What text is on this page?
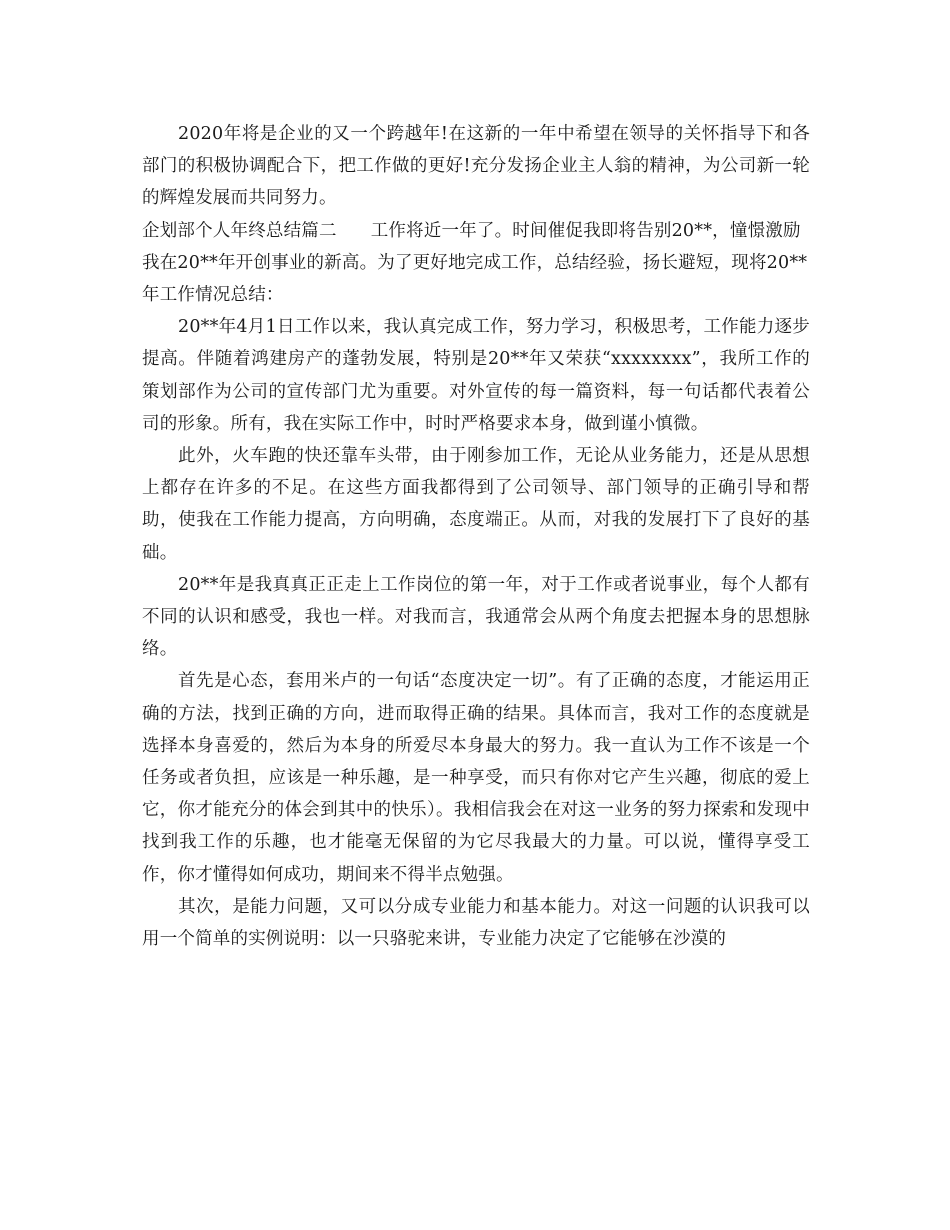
2020年将是企业的又一个跨越年!在这新的一年中希望在领导的关怀指导下和各部门的积极协调配合下，把工作做的更好!充分发扬企业主人翁的精神，为公司新一轮的辉煌发展而共同努力。

企划部个人年终总结篇二 工作将近一年了。时间催促我即将告别20**，憧憬激励我在20**年开创事业的新高。为了更好地完成工作，总结经验，扬长避短，现将20**年工作情况总结：

20**年4月1日工作以来，我认真完成工作，努力学习，积极思考，工作能力逐步提高。伴随着鸿建房产的蓬勃发展，特别是20**年又荣获“xxxxxxxx”，我所工作的策划部作为公司的宣传部门尤为重要。对外宣传的每一篇资料，每一句话都代表着公司的形象。所有，我在实际工作中，时时严格要求本身，做到谨小慎微。

此外，火车跑的快还靠车头带，由于刚参加工作，无论从业务能力，还是从思想上都存在许多的不足。在这些方面我都得到了公司领导、部门领导的正确引导和帮助，使我在工作能力提高，方向明确，态度端正。从而，对我的发展打下了良好的基础。

20**年是我真真正正走上工作岗位的第一年，对于工作或者说事业，每个人都有不同的认识和感受，我也一样。对我而言，我通常会从两个角度去把握本身的思想脉络。

首先是心态，套用米卢的一句话“态度决定一切”。有了正确的态度，才能运用正确的方法，找到正确的方向，进而取得正确的结果。具体而言，我对工作的态度就是选择本身喜爱的，然后为本身的所爱尽本身最大的努力。我一直认为工作不该是一个任务或者负担，应该是一种乐趣，是一种享受，而只有你对它产生兴趣，彻底的爱上它，你才能充分的体会到其中的快乐）。我相信我会在对这一业务的努力探索和发现中找到我工作的乐趣，也才能毫无保留的为它尽我最大的力量。可以说，懂得享受工作，你才懂得如何成功，期间来不得半点勉强。

其次，是能力问题，又可以分成专业能力和基本能力。对这一问题的认识我可以用一个简单的实例说明：以一只骆驼来讲，专业能力决定了它能够在沙漠的
